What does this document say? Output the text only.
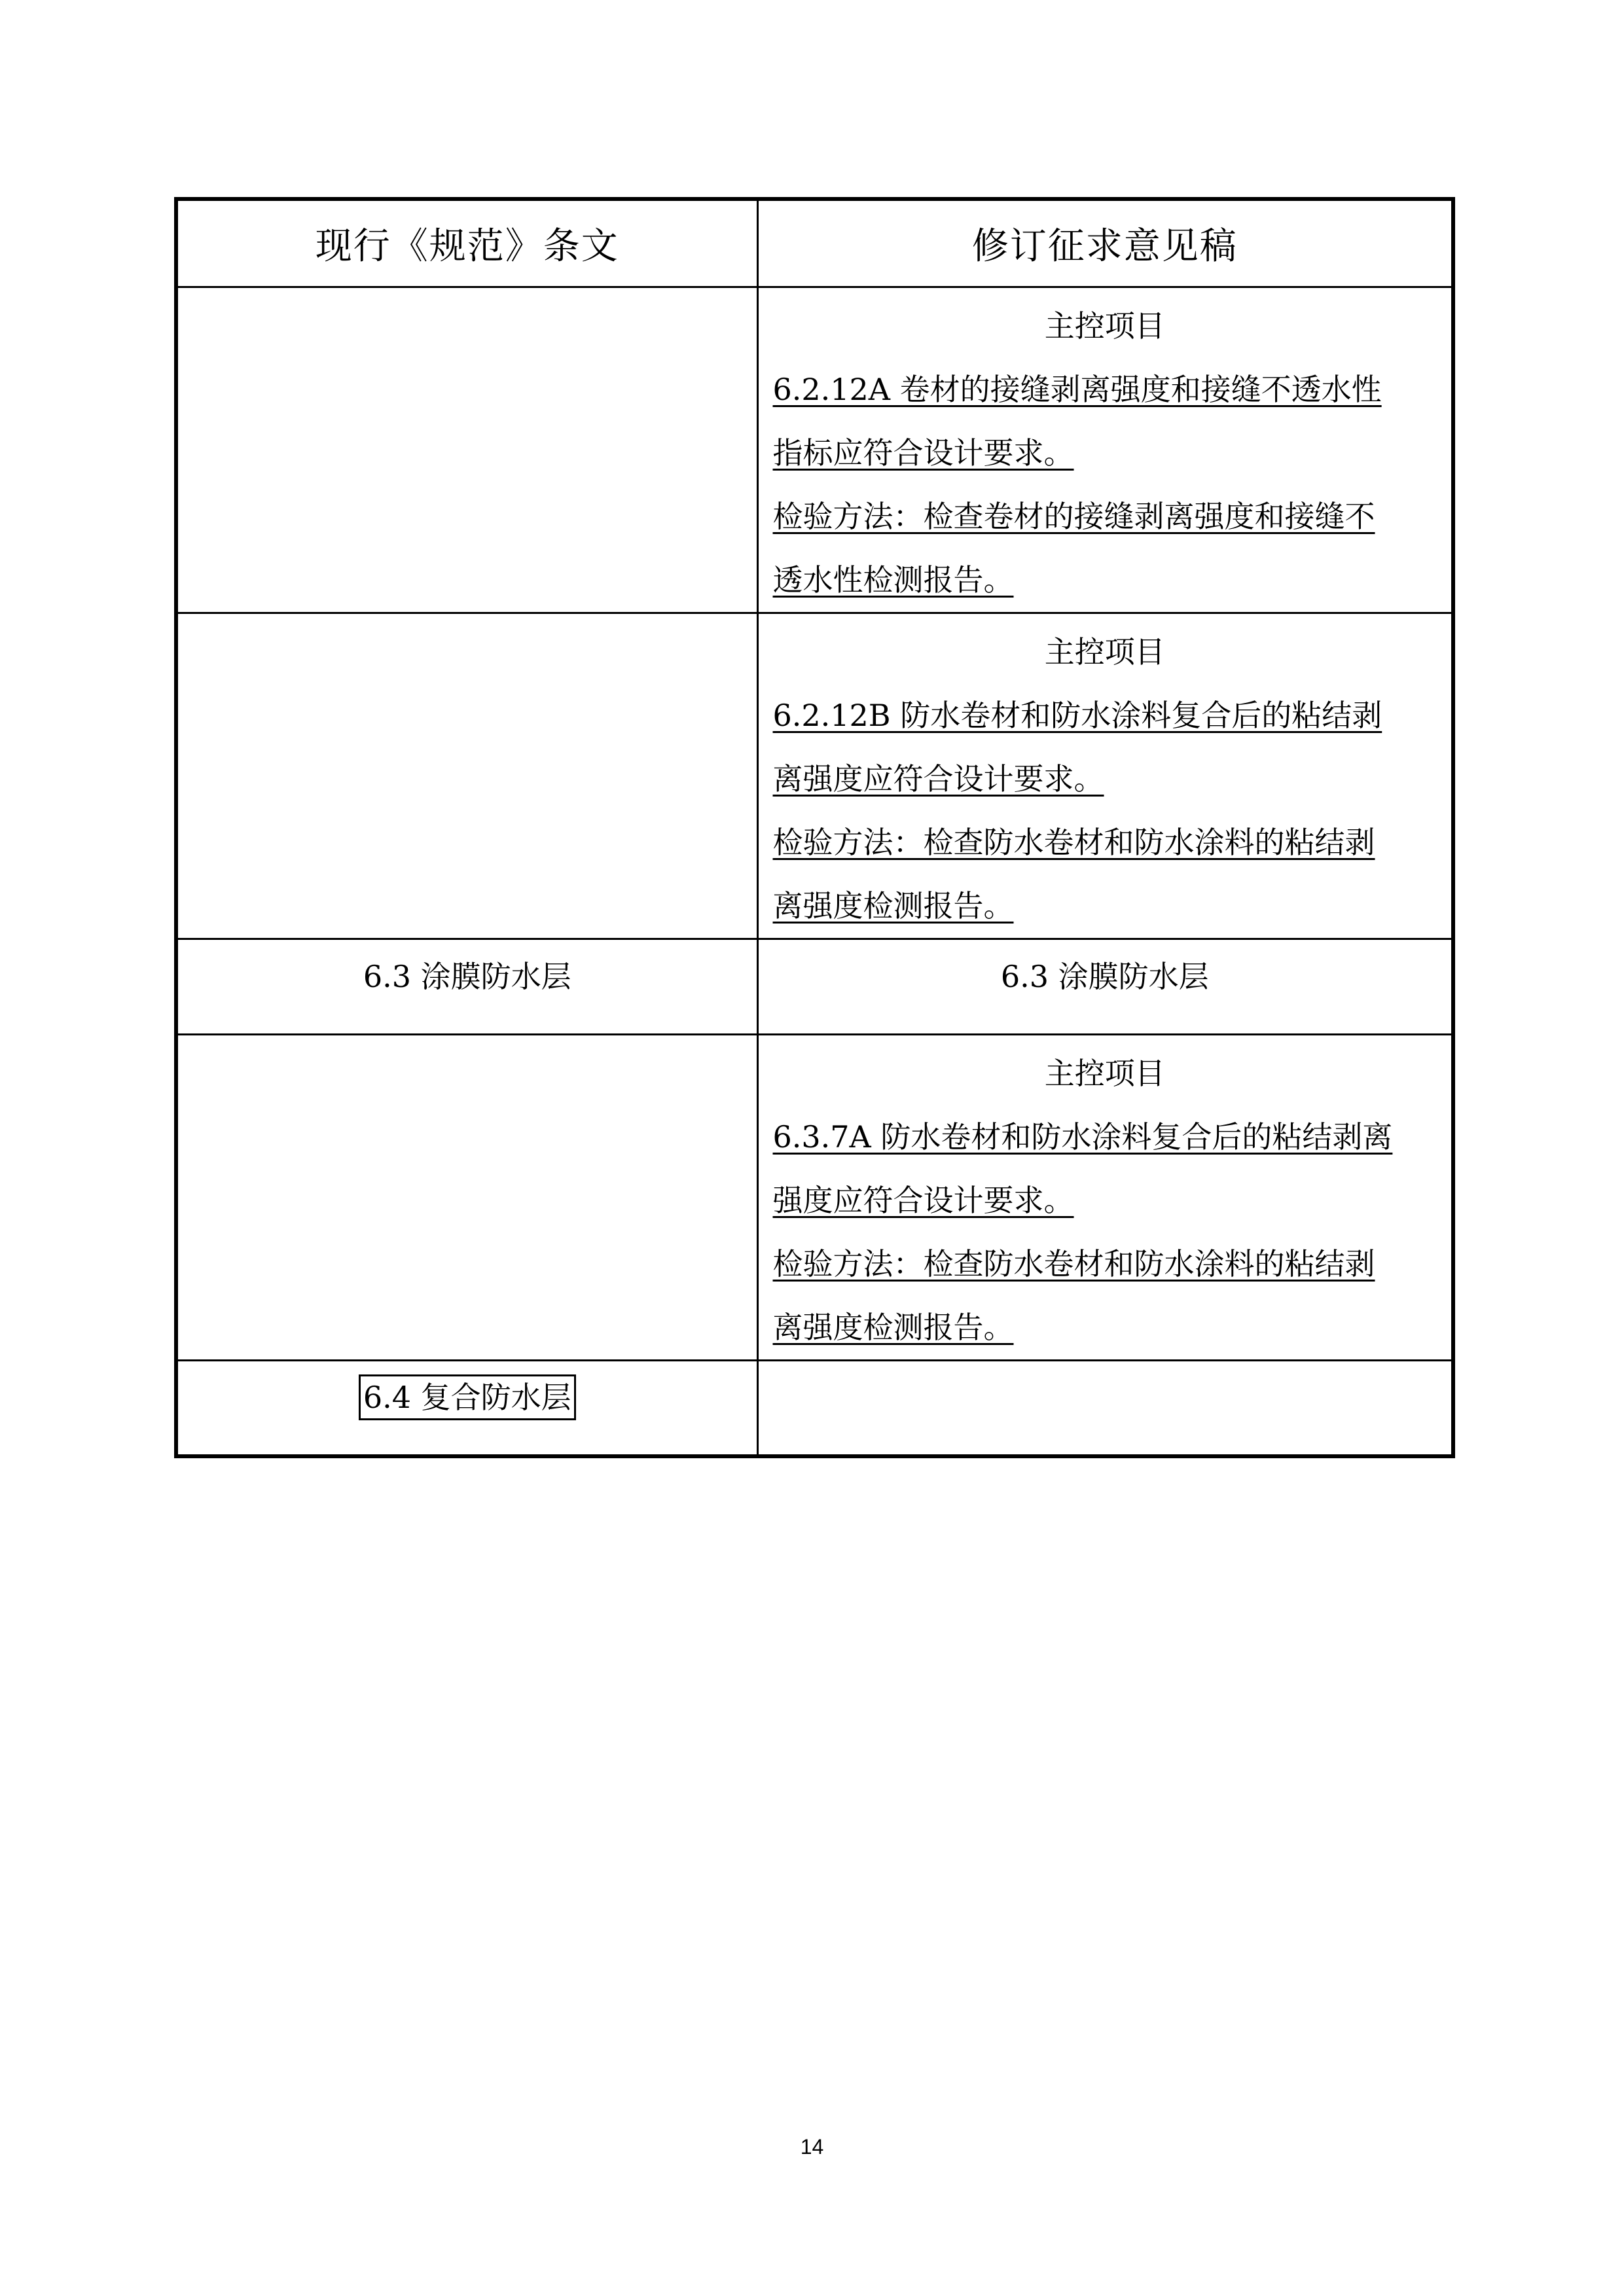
现行《规范》条文	修订征求意见稿

	主控项目
6.2.12A 卷材的接缝剥离强度和接缝不透水性
指标应符合设计要求。
检验方法：检查卷材的接缝剥离强度和接缝不
透水性检测报告。

	主控项目
6.2.12B 防水卷材和防水涂料复合后的粘结剥
离强度应符合设计要求。
检验方法：检查防水卷材和防水涂料的粘结剥
离强度检测报告。

6.3 涂膜防水层	6.3 涂膜防水层

	主控项目
6.3.7A 防水卷材和防水涂料复合后的粘结剥离
强度应符合设计要求。
检验方法：检查防水卷材和防水涂料的粘结剥
离强度检测报告。

6.4 复合防水层	
14
